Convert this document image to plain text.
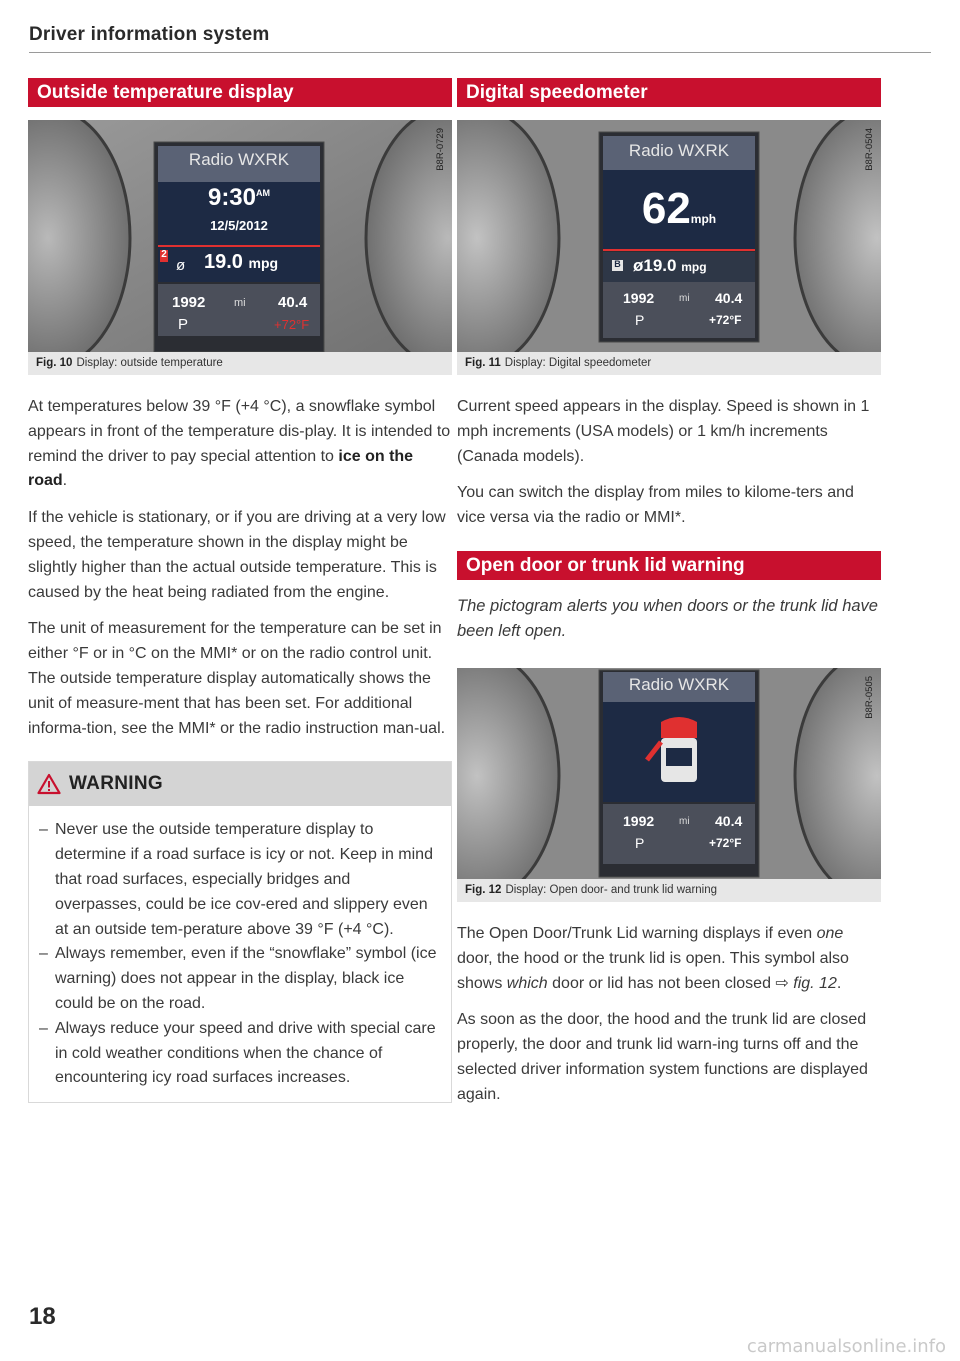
Driver information system
Outside temperature display
Radio WXRK
$9:30^{AM}$
12/5/2012
2
ø 19.0 mpg
1992	mi 40.4
P	+72°F
B8R-0729
Fig. 10 Display: outside temperature
At temperatures below 39 °F (+4 °C), a snowflake symbol appears in front of the temperature dis-play. It is intended to remind the driver to pay special attention to ice on the road.
If the vehicle is stationary, or if you are driving at a very low speed, the temperature shown in the display might be slightly higher than the actual outside temperature. This is caused by the heat being radiated from the engine.
The unit of measurement for the temperature can be set in either °F or in °C on the MMI* or on the radio control unit. The outside temperature display automatically shows the unit of measure-ment that has been set. For additional informa-tion, see the MMI* or the radio instruction man-ual.
WARNING
– Never use the outside temperature display to determine if a road surface is icy or not. Keep in mind that road surfaces, especially bridges and overpasses, could be ice cov-ered and slippery even at an outside tem-perature above 39 °F (+4 °C).
– Always remember, even if the “snowflake” symbol (ice warning) does not appear in the display, black ice could be on the road.
– Always reduce your speed and drive with special care in cold weather conditions when the chance of encountering icy road surfaces increases.
Digital speedometer
Radio WXRK
62mph
B ø19.0 mpg
1992 mi 40.4
P	+72°F
B8R-0504
Fig. 11 Display: Digital speedometer
Current speed appears in the display. Speed is shown in 1 mph increments (USA models) or 1 km/h increments (Canada models).
You can switch the display from miles to kilome-ters and vice versa via the radio or MMI*.
Open door or trunk lid warning
The pictogram alerts you when doors or the trunk lid have been left open.
Radio WXRK
1992 mi 40.4
P	+72°F
B8R-0505
Fig. 12 Display: Open door- and trunk lid warning
The Open Door/Trunk Lid warning displays if even one door, the hood or the trunk lid is open. This symbol also shows which door or lid has not been closed ⇨ fig. 12.
As soon as the door, the hood and the trunk lid are closed properly, the door and trunk lid warn-ing turns off and the selected driver information system functions are displayed again.
18
carmanualsonline.info
